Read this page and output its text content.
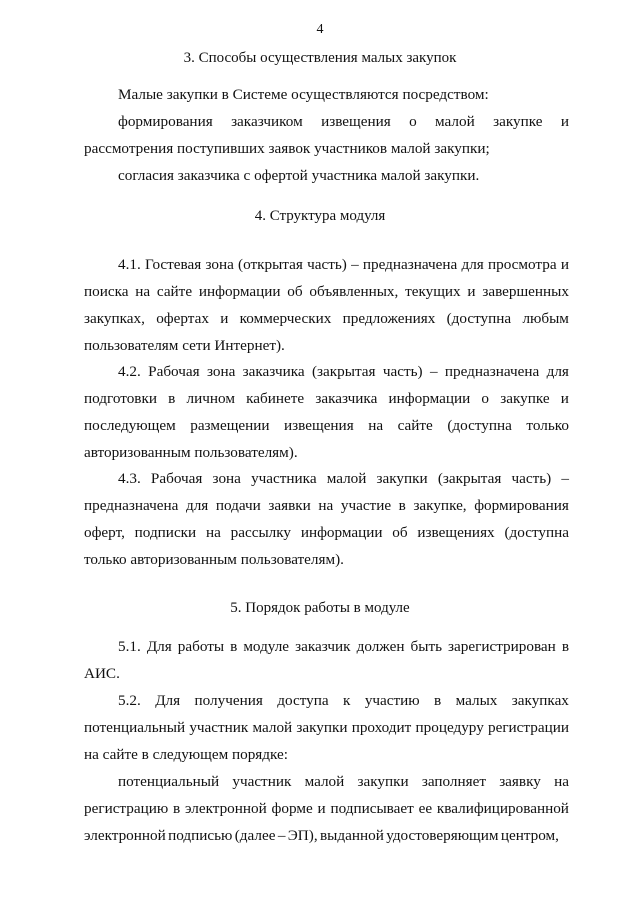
4
3. Способы осуществления малых закупок
Малые закупки в Системе осуществляются посредством:
формирования заказчиком извещения о малой закупке и
рассмотрения поступивших заявок участников малой закупки;
согласия заказчика с офертой участника малой закупки.
4. Структура модуля
4.1. Гостевая зона (открытая часть) – предназначена для просмотра и
поиска на сайте информации об объявленных, текущих и завершенных
закупках, офертах и коммерческих предложениях (доступна любым
пользователям сети Интернет).
4.2. Рабочая зона заказчика (закрытая часть) – предназначена для
подготовки в личном кабинете заказчика информации о закупке и
последующем размещении извещения на сайте (доступна только
авторизованным пользователям).
4.3. Рабочая зона участника малой закупки (закрытая часть) –
предназначена для подачи заявки на участие в закупке, формирования
оферт, подписки на рассылку информации об извещениях (доступна
только авторизованным пользователям).
5. Порядок работы в модуле
5.1. Для работы в модуле заказчик должен быть зарегистрирован в
АИС.
5.2. Для получения доступа к участию в малых закупках
потенциальный участник малой закупки проходит процедуру регистрации
на сайте в следующем порядке:
потенциальный участник малой закупки заполняет заявку на
регистрацию в электронной форме и подписывает ее квалифицированной
электронной подписью (далее – ЭП), выданной удостоверяющим центром,
